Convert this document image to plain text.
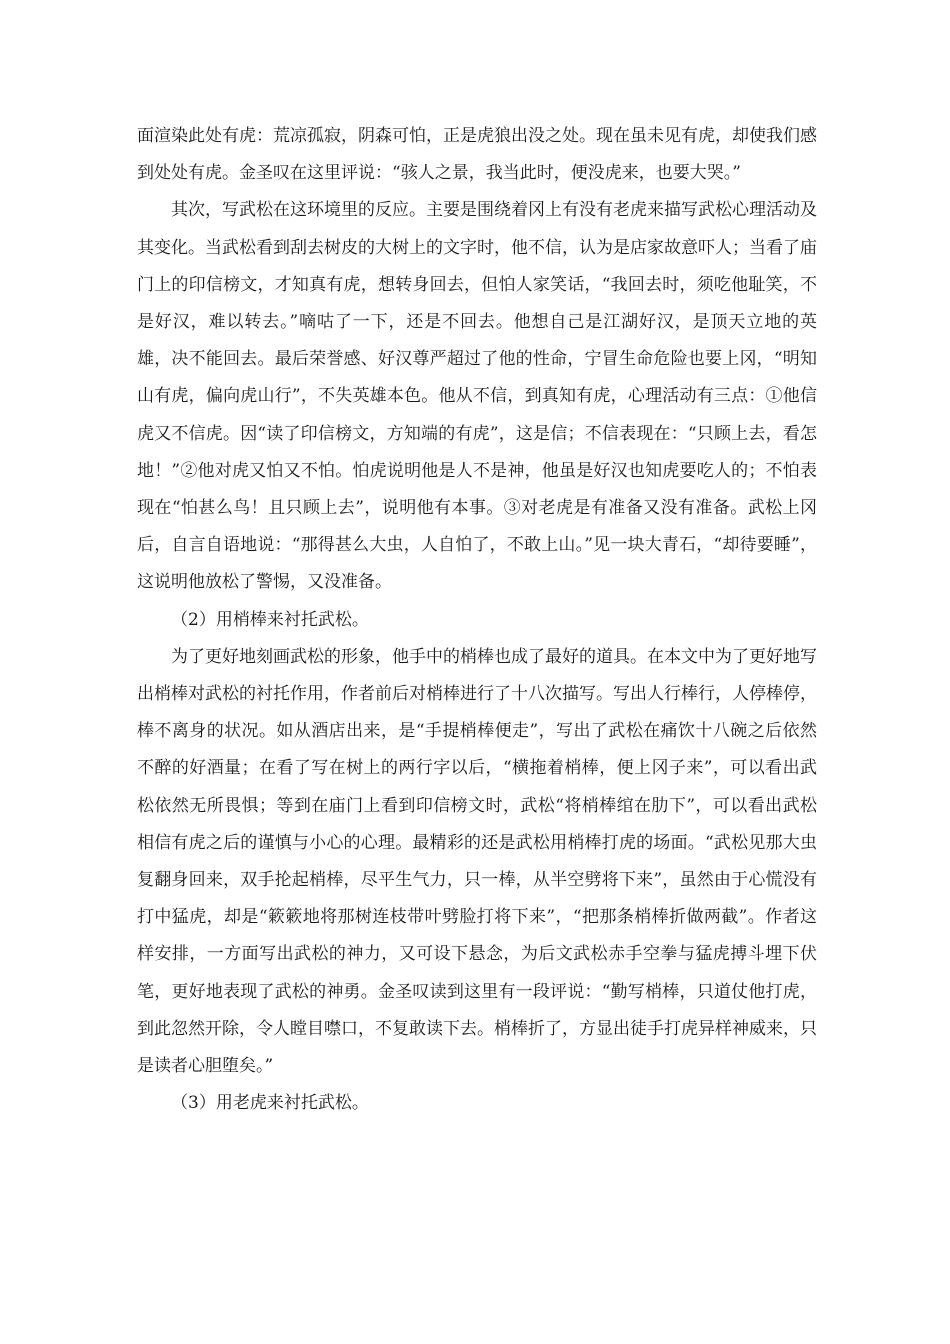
面渲染此处有虎：荒凉孤寂，阴森可怕，正是虎狼出没之处。现在虽未见有虎，却使我们感到处处有虎。金圣叹在这里评说：“骇人之景，我当此时，便没虎来，也要大哭。”

其次，写武松在这环境里的反应。主要是围绕着冈上有没有老虎来描写武松心理活动及其变化。当武松看到刮去树皮的大树上的文字时，他不信，认为是店家故意吓人；当看了庙门上的印信榜文，才知真有虎，想转身回去，但怕人家笑话，“我回去时，须吃他耻笑，不是好汉，难以转去。”嘀咕了一下，还是不回去。他想自己是江湖好汉，是顶天立地的英雄，决不能回去。最后荣誉感、好汉尊严超过了他的性命，宁冒生命危险也要上冈，“明知山有虎，偏向虎山行”，不失英雄本色。他从不信，到真知有虎，心理活动有三点：①他信虎又不信虎。因“读了印信榜文，方知端的有虎”，这是信；不信表现在：“只顾上去，看怎地！”②他对虎又怕又不怕。怕虎说明他是人不是神，他虽是好汉也知虎要吃人的；不怕表现在“怕甚么鸟！且只顾上去”，说明他有本事。③对老虎是有准备又没有准备。武松上冈后，自言自语地说：“那得甚么大虫，人自怕了，不敢上山。”见一块大青石，“却待要睡”，这说明他放松了警惕，又没准备。

（2）用梢棒来衬托武松。

为了更好地刻画武松的形象，他手中的梢棒也成了最好的道具。在本文中为了更好地写出梢棒对武松的衬托作用，作者前后对梢棒进行了十八次描写。写出人行棒行，人停棒停，棒不离身的状况。如从酒店出来，是“手提梢棒便走”，写出了武松在痛饮十八碗之后依然不醉的好酒量；在看了写在树上的两行字以后，“横拖着梢棒，便上冈子来”，可以看出武松依然无所畏惧；等到在庙门上看到印信榜文时，武松“将梢棒绾在肋下”，可以看出武松相信有虎之后的谨慎与小心的心理。最精彩的还是武松用梢棒打虎的场面。“武松见那大虫复翻身回来，双手抡起梢棒，尽平生气力，只一棒，从半空劈将下来”，虽然由于心慌没有打中猛虎，却是“簌簌地将那树连枝带叶劈脸打将下来”，“把那条梢棒折做两截”。作者这样安排，一方面写出武松的神力，又可设下悬念，为后文武松赤手空拳与猛虎搏斗埋下伏笔，更好地表现了武松的神勇。金圣叹读到这里有一段评说：“勤写梢棒，只道仗他打虎，到此忽然开除，令人瞠目噤口，不复敢读下去。梢棒折了，方显出徒手打虎异样神威来，只是读者心胆堕矣。”

（3）用老虎来衬托武松。
